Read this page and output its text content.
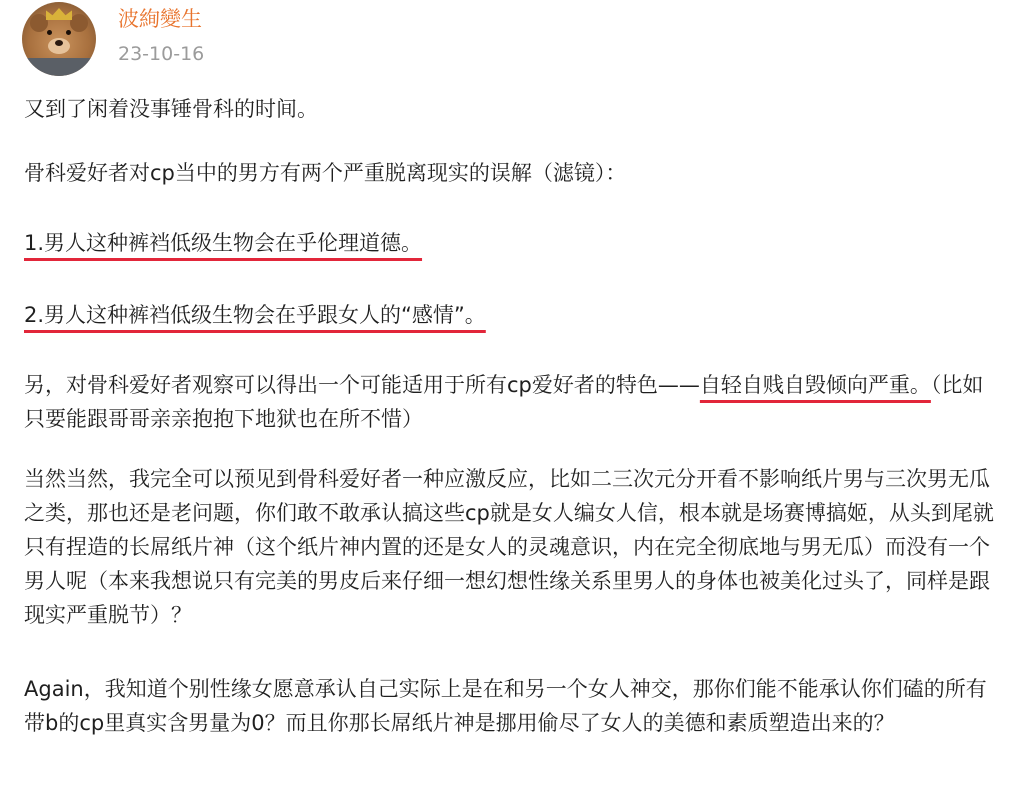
波絢變生
23-10-16

又到了闲着没事锤骨科的时间。

骨科爱好者对cp当中的男方有两个严重脱离现实的误解（滤镜）：

1.男人这种裤裆低级生物会在乎伦理道德。

2.男人这种裤裆低级生物会在乎跟女人的“感情”。

另，对骨科爱好者观察可以得出一个可能适用于所有cp爱好者的特色——自轻自贱自毁倾向严重。（比如只要能跟哥哥亲亲抱抱下地狱也在所不惜）

当然当然，我完全可以预见到骨科爱好者一种应激反应，比如二三次元分开看不影响纸片男与三次男无瓜之类，那也还是老问题，你们敢不敢承认搞这些cp就是女人编女人信，根本就是场赛博搞姬，从头到尾就只有捏造的长屌纸片神（这个纸片神内置的还是女人的灵魂意识，内在完全彻底地与男无瓜）而没有一个男人呢（本来我想说只有完美的男皮后来仔细一想幻想性缘关系里男人的身体也被美化过头了，同样是跟现实严重脱节）？

Again，我知道个别性缘女愿意承认自己实际上是在和另一个女人神交，那你们能不能承认你们磕的所有带b的cp里真实含男量为0？而且你那长屌纸片神是挪用偷尽了女人的美德和素质塑造出来的？
